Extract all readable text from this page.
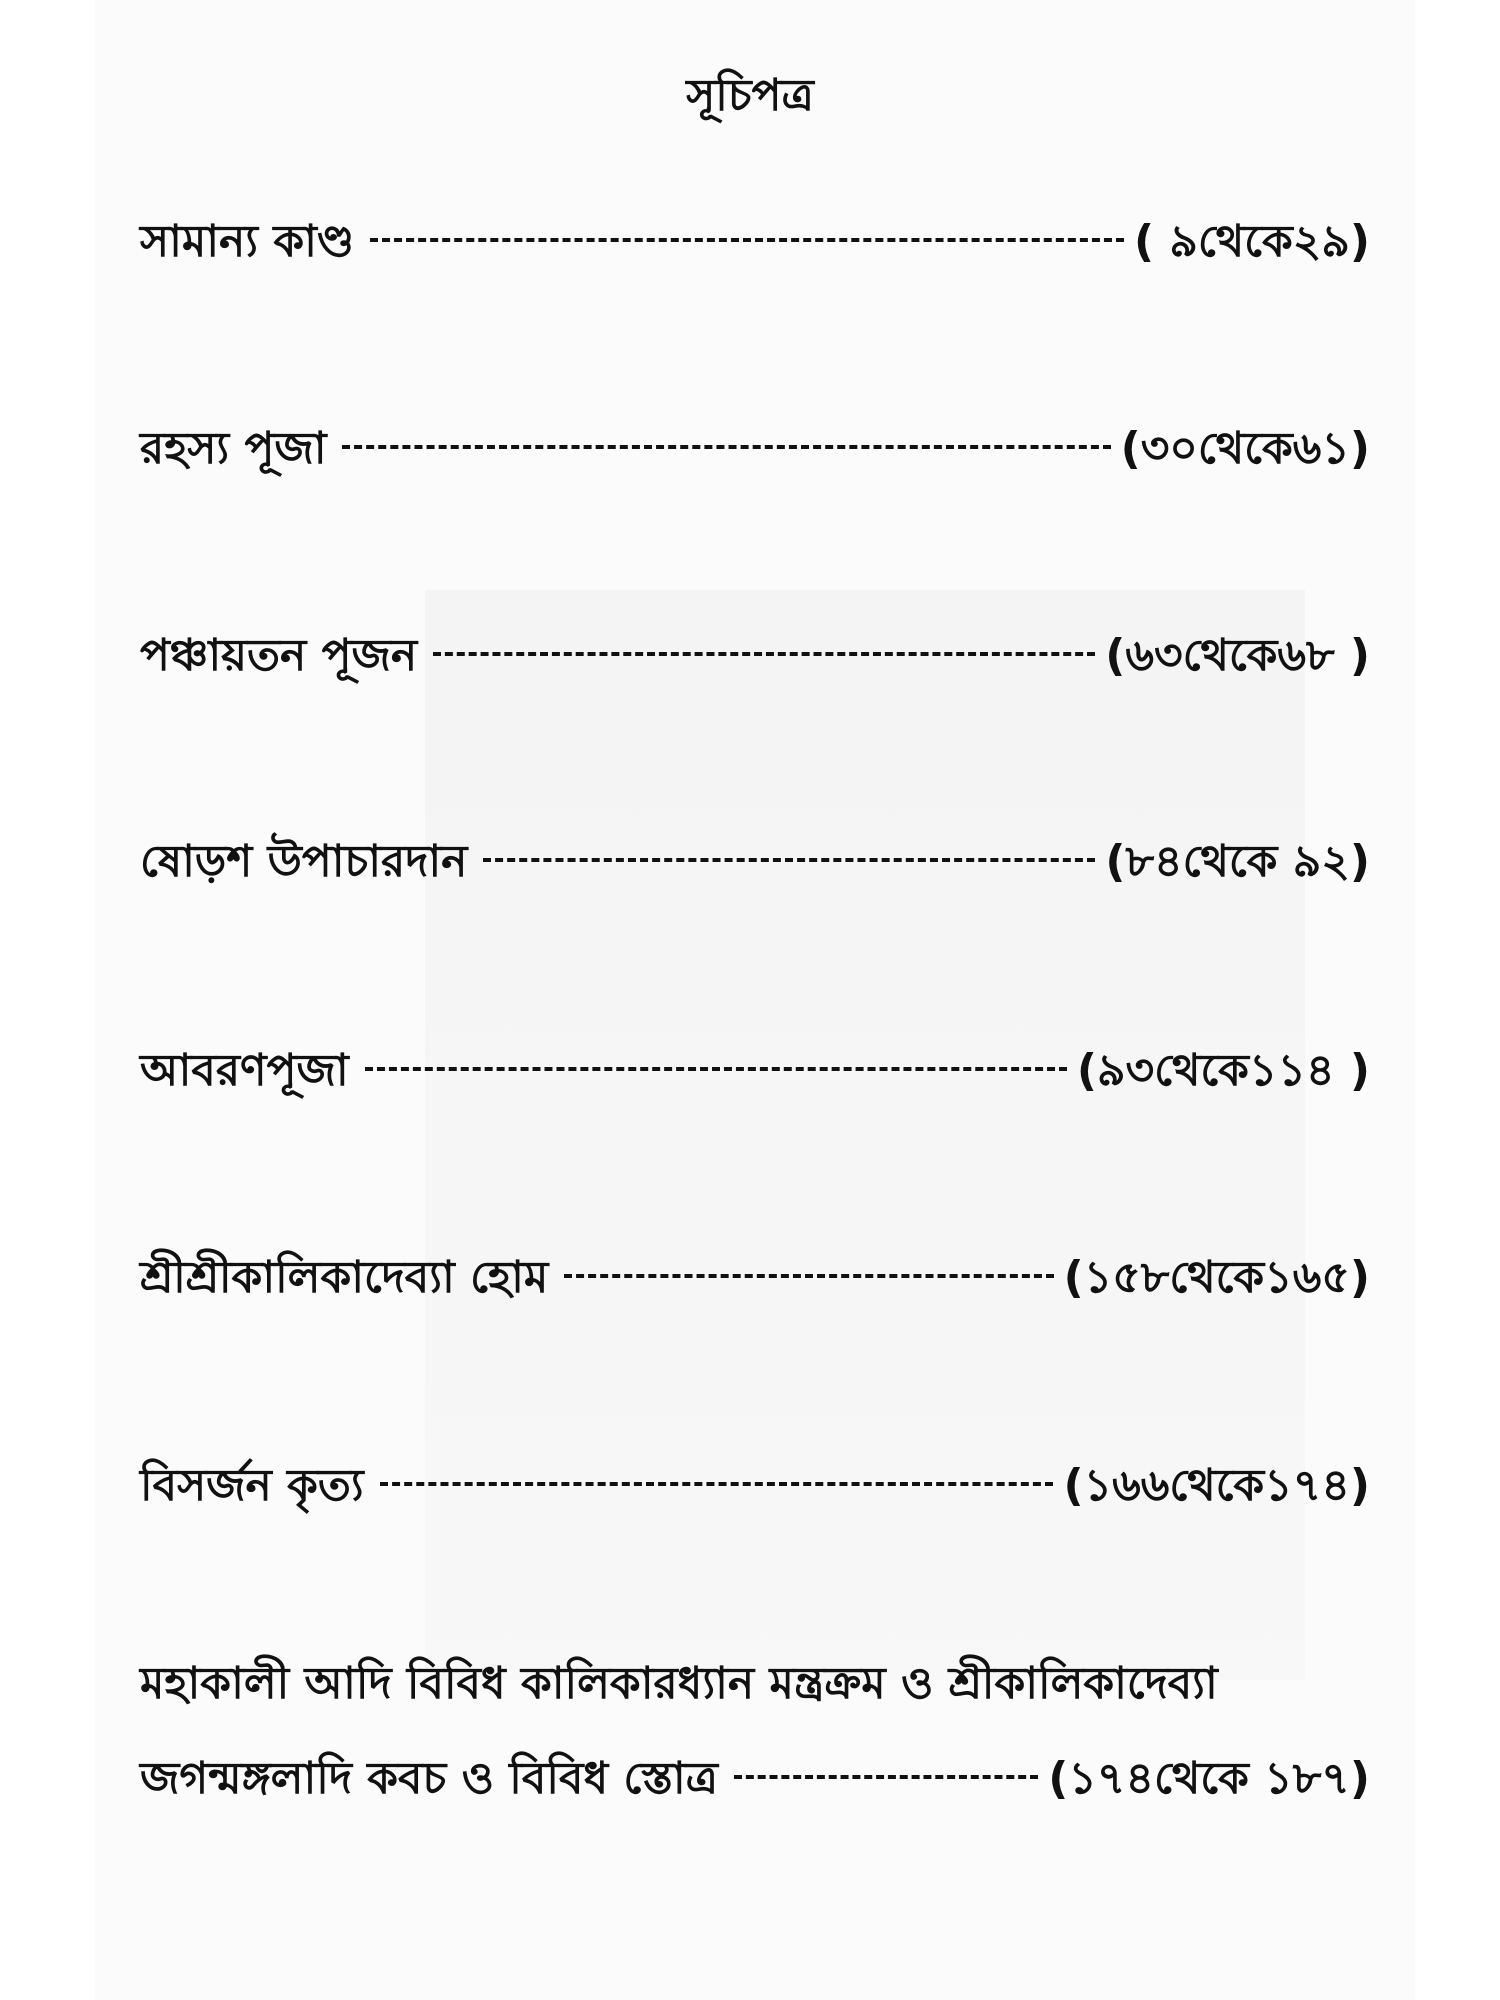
সূচিপত্র
সামান্য কাণ্ড	( ৯থেকে২৯)
রহস্য পূজা	(৩০থেকে৬১)
পঞ্চায়তন পূজন	(৬৩থেকে৬৮ )
ষোড়শ উপাচারদান	(৮৪থেকে ৯২)
আবরণপূজা	(৯৩থেকে১১৪ )
শ্রীশ্রীকালিকাদেব্যা হোম	(১৫৮থেকে১৬৫)
বিসর্জন কৃত্য	(১৬৬থেকে১৭৪)
মহাকালী আদি বিবিধ কালিকারধ্যান মন্ত্রক্রম ও শ্রীকালিকাদেব্যা
জগন্মঙ্গলাদি কবচ ও বিবিধ স্তোত্র	(১৭৪থেকে ১৮৭)
